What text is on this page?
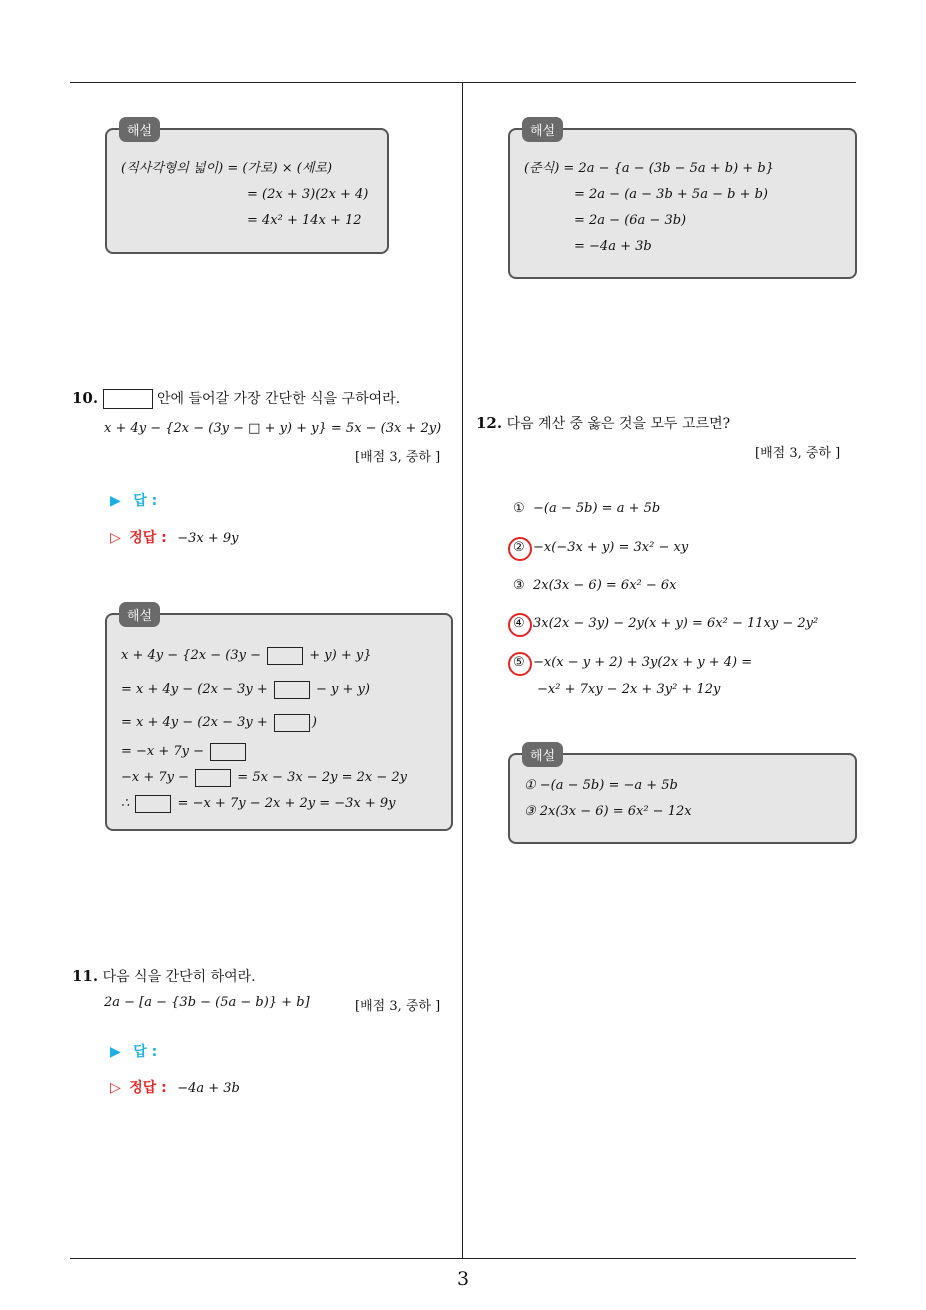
해설
(직사각형의 넓이) = (가로) × (세로)
= (2x + 3)(2x + 4)
= 4x² + 14x + 12
10.	안에 들어갈 가장 간단한 식을 구하여라.
x + 4y − {2x − (3y − □ + y) + y} = 5x − (3x + 2y)
[배점 3, 중하 ]
▶ 답 :
▷ 정답 : −3x + 9y
해설
x + 4y − {2x − (3y −	+ y) + y}
= x + 4y − (2x − 3y +	− y + y)
= x + 4y − (2x − 3y +	)
= −x + 7y −
−x + 7y −	= 5x − 3x − 2y = 2x − 2y
∴	= −x + 7y − 2x + 2y = −3x + 9y
11. 다음 식을 간단히 하여라.
2a − [a − {3b − (5a − b)} + b]	[배점 3, 중하 ]
▶ 답 :
▷ 정답 : −4a + 3b
해설
(준식) = 2a − {a − (3b − 5a + b) + b}
= 2a − (a − 3b + 5a − b + b)
= 2a − (6a − 3b)
= −4a + 3b
12. 다음 계산 중 옳은 것을 모두 고르면?
[배점 3, 중하 ]
① −(a − 5b) = a + 5b
② −x(−3x + y) = 3x² − xy
③ 2x(3x − 6) = 6x² − 6x
④ 3x(2x − 3y) − 2y(x + y) = 6x² − 11xy − 2y²
⑤ −x(x − y + 2) + 3y(2x + y + 4) =
−x² + 7xy − 2x + 3y² + 12y
해설
① −(a − 5b) = −a + 5b
③ 2x(3x − 6) = 6x² − 12x
3
